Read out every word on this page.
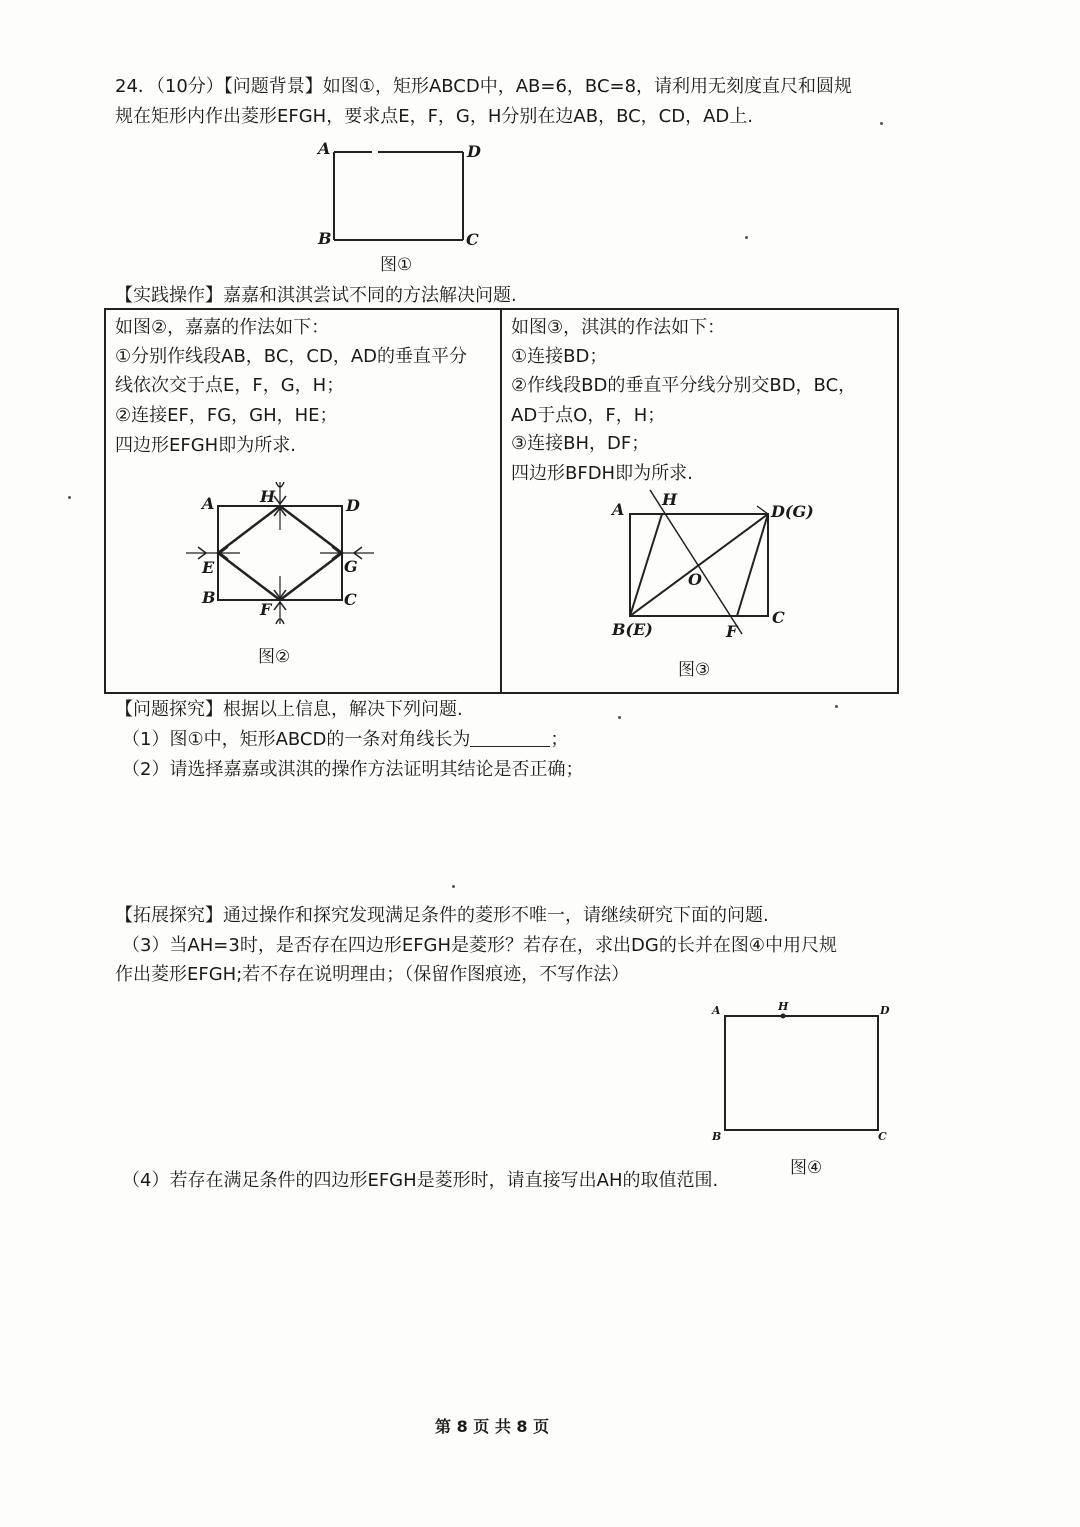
24．（10分）【问题背景】如图①，矩形ABCD中，AB=6，BC=8，请利用无刻度直尺和圆规
规在矩形内作出菱形EFGH，要求点E，F，G，H分别在边AB，BC，CD，AD上.
A	D
B	C
图①
【实践操作】嘉嘉和淇淇尝试不同的方法解决问题.
如图②，嘉嘉的作法如下：
①分别作线段AB，BC，CD，AD的垂直平分
线依次交于点E，F，G，H；
②连接EF，FG，GH，HE；
四边形EFGH即为所求.
A	H	D
E	G
B
F
C
图②
如图③，淇淇的作法如下：
①连接BD；
②作线段BD的垂直平分线分别交BD，BC，
AD于点O，F，H；
③连接BH，DF；
四边形BFDH即为所求.
A
H
D(G)
O
B(E)	F
C
图③
【问题探究】根据以上信息，解决下列问题.
（1）图①中，矩形ABCD的一条对角线长为	；
（2）请选择嘉嘉或淇淇的操作方法证明其结论是否正确；
【拓展探究】通过操作和探究发现满足条件的菱形不唯一，请继续研究下面的问题.
（3）当AH=3时，是否存在四边形EFGH是菱形？若存在，求出DG的长并在图④中用尺规
作出菱形EFGH;若不存在说明理由；（保留作图痕迹，不写作法）
A	H	D
B	C
图④
（4）若存在满足条件的四边形EFGH是菱形时，请直接写出AH的取值范围.
第 8 页 共 8 页
